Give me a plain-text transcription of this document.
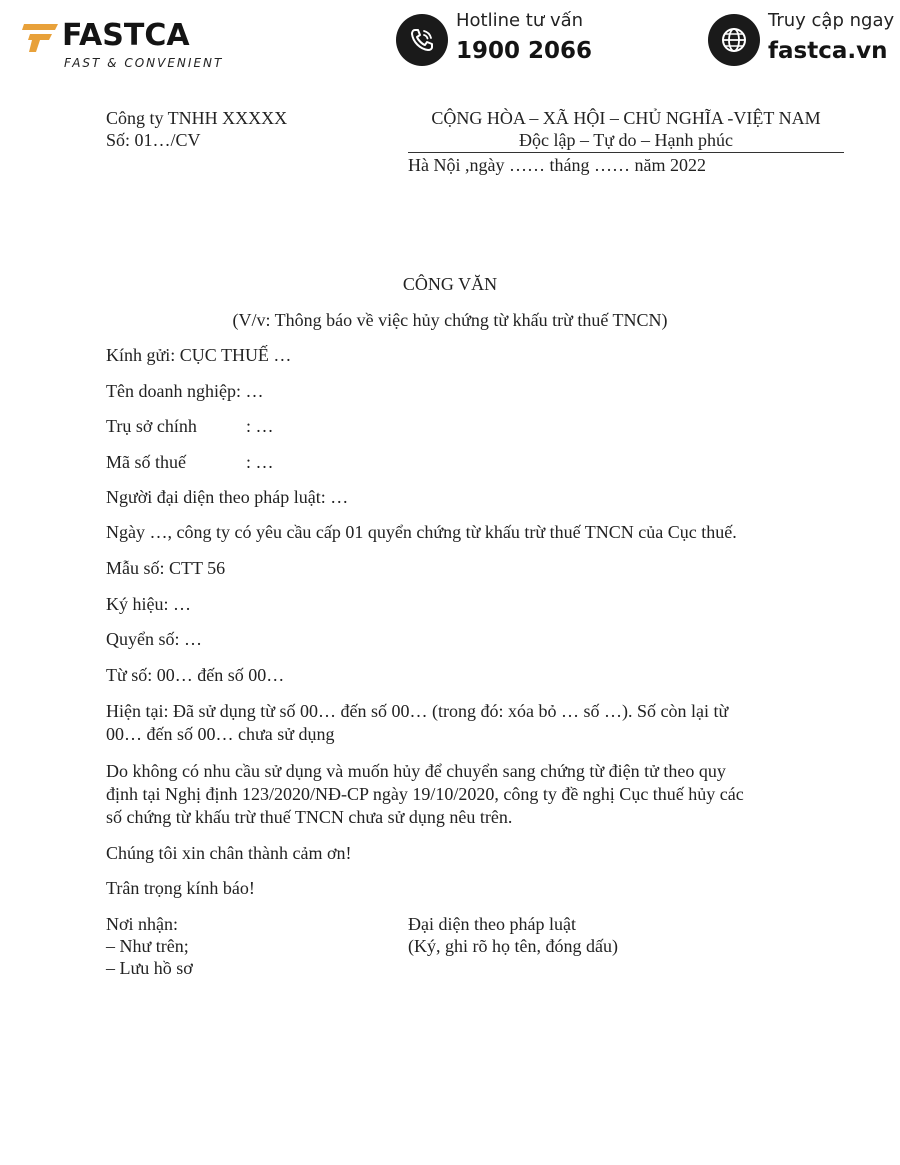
FASTCA
FAST & CONVENIENT
Hotline tư vấn
1900 2066
Truy cập ngay
fastca.vn
Công ty TNHH XXXXX
Số: 01…/CV
CỘNG HÒA – XÃ HỘI – CHỦ NGHĨA -VIỆT NAM
Độc lập – Tự do – Hạnh phúc
Hà Nội ,ngày …… tháng …… năm 2022
CÔNG VĂN
(V/v: Thông báo về việc hủy chứng từ khấu trừ thuế TNCN)
Kính gửi: CỤC THUẾ …
Tên doanh nghiệp: …
Trụ sở chính	: …
Mã số thuế	: …
Người đại diện theo pháp luật: …
Ngày …, công ty có yêu cầu cấp 01 quyển chứng từ khấu trừ thuế TNCN của Cục thuế.
Mẫu số: CTT 56
Ký hiệu: …
Quyển số: …
Từ số: 00… đến số 00…
Hiện tại: Đã sử dụng từ số 00… đến số 00… (trong đó: xóa bỏ … số …). Số còn lại từ
00… đến số 00… chưa sử dụng
Do không có nhu cầu sử dụng và muốn hủy để chuyển sang chứng từ điện tử theo quy
định tại Nghị định 123/2020/NĐ-CP ngày 19/10/2020, công ty đề nghị Cục thuế hủy các
số chứng từ khấu trừ thuế TNCN chưa sử dụng nêu trên.
Chúng tôi xin chân thành cảm ơn!
Trân trọng kính báo!
Nơi nhận:
– Như trên;
– Lưu hồ sơ
Đại diện theo pháp luật
(Ký, ghi rõ họ tên, đóng dấu)
